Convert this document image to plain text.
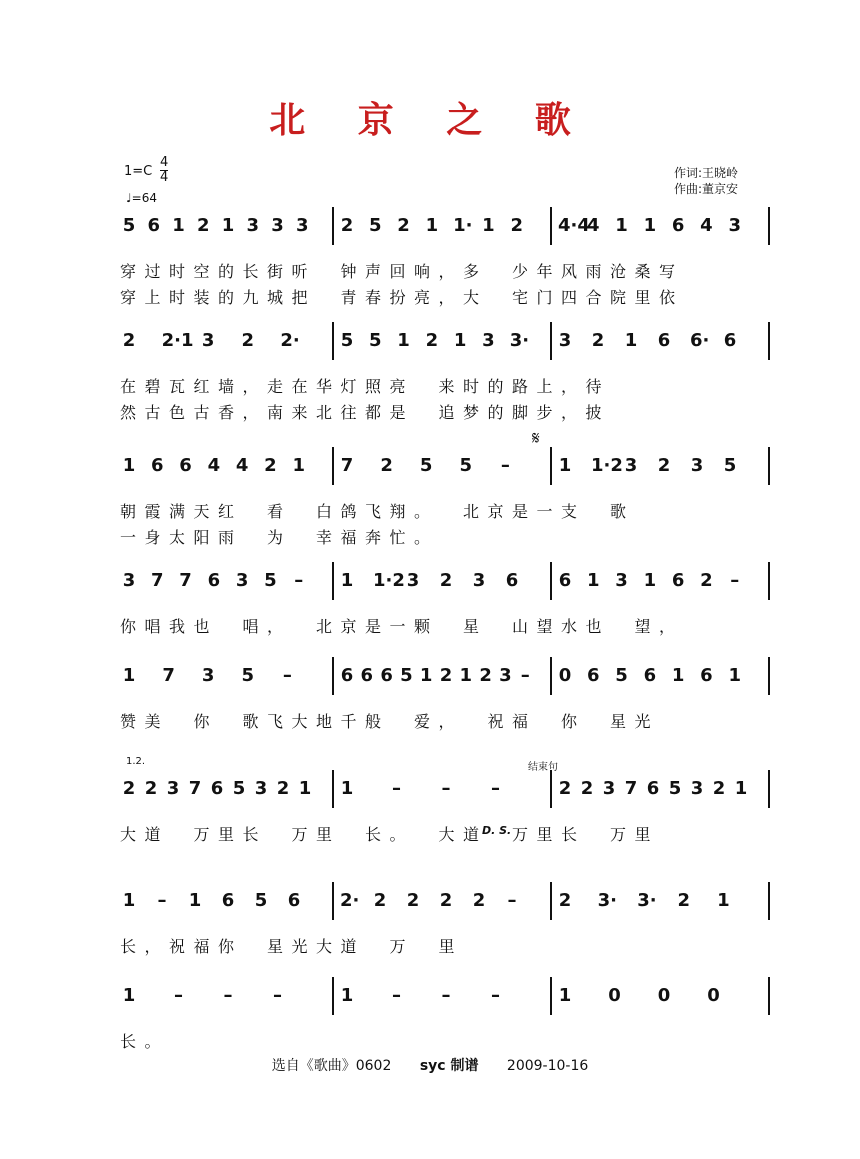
北 京 之 歌
$1=C \frac{4}{4}$
♩=64
作词:王晓岭
作曲:董京安
5 6 1 2 1 3 3 3 2 5 2 1 1· 1 2 4·4
4 1 1 6 4 3
穿 过 时 空 的 长 街 听
钟 声 回 响 ， 多
少 年 风 雨 沧 桑 写
穿 上 时 装 的 九 城 把
青 春 扮 亮 ， 大
宅 门 四 合 院 里 依
2 2·1 3 2 2· 5 5 1 2 1 3 3· 3 2 1 6 6· 6
在 碧 瓦 红 墙 ， 走 在 华 灯 照 亮
来 时 的 路 上 ， 待
然 古 色 古 香 ， 南 来 北 往 都 是
追 梦 的 脚 步 ， 披
1 6 6 4 4 2 1 7 2 5 5 –	1 1·2 3 2 3 5
朝 霞 满 天 红
看
白 鸽 飞 翔 。
北 京 是 一 支
歌
一 身 太 阳 雨
为
幸 福 奔 忙 。
3 7 7 6 3 5 – 1 1·2 3 2 3 6 6 1 3 1 6 2 –
你 唱 我 也
唱 ，
北 京 是 一 颗
星
山 望 水 也
望 ，
1 7 3 5 –	6 6 6 5 1 2 1 2 3 – 0 6 5 6 1 6 1
赞 美
你
歌 飞 大 地 千 般
爱 ，
祝 福
你
星 光
2 2 3 7 6 5 3 2 1 1 – – –	2 2 3 7 6 5 3 2 1
大 道
万 里 长
万 里
长 。
大 道
万 里 长
万 里
1.2.
结束句
D. S.
1 – 1 6 5 6 2· 2 2 2 2 – 2 3· 3· 2 1
长 ， 祝 福 你
星 光 大 道
万
里
1 – – –	1 – – –	1 0 0 0
长 。
𝄋
选自《歌曲》0602 syc 制谱 2009-10-16
